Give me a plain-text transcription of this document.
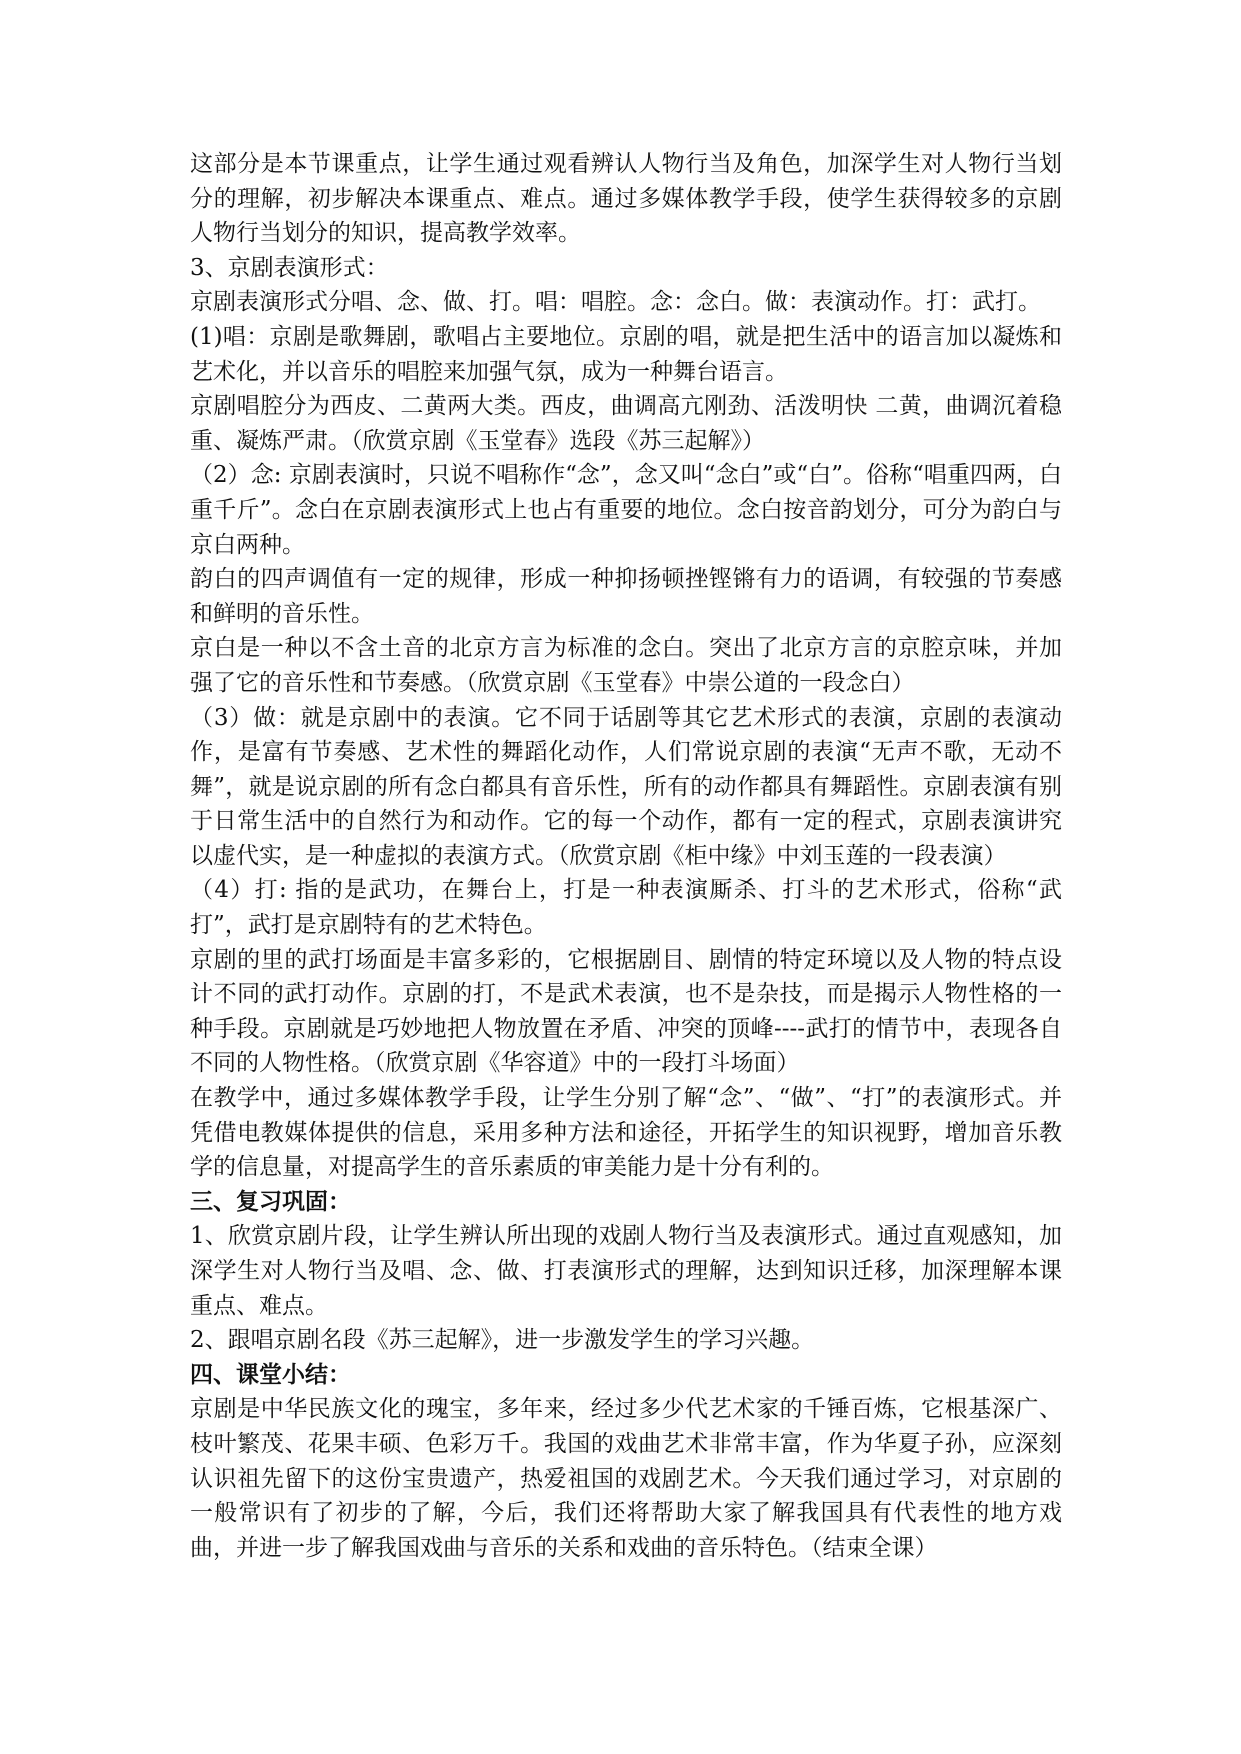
这部分是本节课重点，让学生通过观看辨认人物行当及角色，加深学生对人物行当划分的理解，初步解决本课重点、难点。通过多媒体教学手段，使学生获得较多的京剧人物行当划分的知识，提高教学效率。

3、京剧表演形式：

京剧表演形式分唱、念、做、打。唱：唱腔。念：念白。做：表演动作。打：武打。

(1)唱：京剧是歌舞剧，歌唱占主要地位。京剧的唱，就是把生活中的语言加以凝炼和艺术化，并以音乐的唱腔来加强气氛，成为一种舞台语言。

京剧唱腔分为西皮、二黄两大类。西皮，曲调高亢刚劲、活泼明快 二黄，曲调沉着稳重、凝炼严肃。（欣赏京剧《玉堂春》选段《苏三起解》）

（2）念: 京剧表演时，只说不唱称作“念”，念又叫“念白”或“白”。俗称“唱重四两，白重千斤”。念白在京剧表演形式上也占有重要的地位。念白按音韵划分，可分为韵白与京白两种。

韵白的四声调值有一定的规律，形成一种抑扬顿挫铿锵有力的语调，有较强的节奏感和鲜明的音乐性。

京白是一种以不含土音的北京方言为标准的念白。突出了北京方言的京腔京味，并加强了它的音乐性和节奏感。（欣赏京剧《玉堂春》中崇公道的一段念白）

（3）做：就是京剧中的表演。它不同于话剧等其它艺术形式的表演，京剧的表演动作，是富有节奏感、艺术性的舞蹈化动作，人们常说京剧的表演“无声不歌，无动不舞”，就是说京剧的所有念白都具有音乐性，所有的动作都具有舞蹈性。京剧表演有别于日常生活中的自然行为和动作。它的每一个动作，都有一定的程式，京剧表演讲究以虚代实，是一种虚拟的表演方式。（欣赏京剧《柜中缘》中刘玉莲的一段表演）

（4）打: 指的是武功，在舞台上，打是一种表演厮杀、打斗的艺术形式，俗称“武打”，武打是京剧特有的艺术特色。

京剧的里的武打场面是丰富多彩的，它根据剧目、剧情的特定环境以及人物的特点设计不同的武打动作。京剧的打，不是武术表演，也不是杂技，而是揭示人物性格的一种手段。京剧就是巧妙地把人物放置在矛盾、冲突的顶峰----武打的情节中，表现各自不同的人物性格。（欣赏京剧《华容道》中的一段打斗场面）

在教学中，通过多媒体教学手段，让学生分别了解“念”、“做”、“打”的表演形式。并凭借电教媒体提供的信息，采用多种方法和途径，开拓学生的知识视野，增加音乐教学的信息量，对提高学生的音乐素质的审美能力是十分有利的。

三、复习巩固：

1、欣赏京剧片段，让学生辨认所出现的戏剧人物行当及表演形式。通过直观感知，加深学生对人物行当及唱、念、做、打表演形式的理解，达到知识迁移，加深理解本课重点、难点。

2、跟唱京剧名段《苏三起解》，进一步激发学生的学习兴趣。

四、课堂小结：

京剧是中华民族文化的瑰宝，多年来，经过多少代艺术家的千锤百炼，它根基深广、枝叶繁茂、花果丰硕、色彩万千。我国的戏曲艺术非常丰富，作为华夏子孙，应深刻认识祖先留下的这份宝贵遗产，热爱祖国的戏剧艺术。今天我们通过学习，对京剧的一般常识有了初步的了解，今后，我们还将帮助大家了解我国具有代表性的地方戏曲，并进一步了解我国戏曲与音乐的关系和戏曲的音乐特色。（结束全课）
